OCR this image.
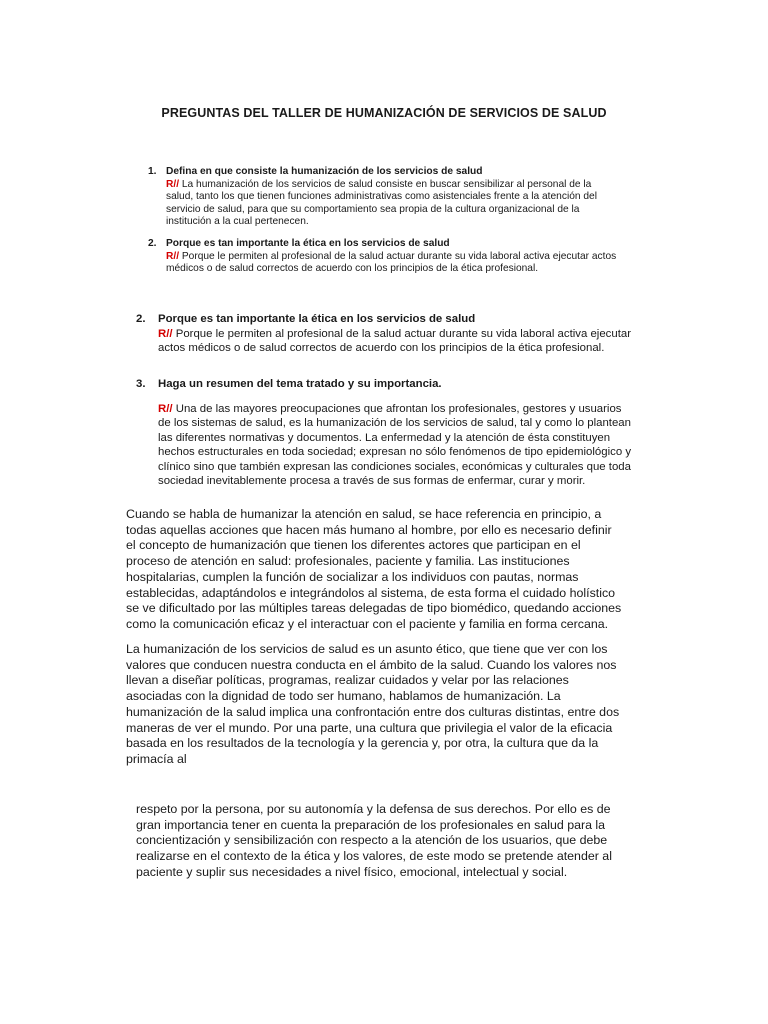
PREGUNTAS DEL TALLER DE HUMANIZACIÓN DE SERVICIOS DE SALUD
1. Defina en que consiste la humanización de los servicios de salud

R// La humanización de los servicios de salud consiste en buscar sensibilizar al personal de la salud, tanto los que tienen funciones administrativas como asistenciales frente a la atención del servicio de salud, para que su comportamiento sea propia de la cultura organizacional de la institución a la cual pertenecen.

2. Porque es tan importante la ética en los servicios de salud

R// Porque le permiten al profesional de la salud actuar durante su vida laboral activa ejecutar actos médicos o de salud correctos de acuerdo con los principios de la ética profesional.

2. Porque es tan importante la ética en los servicios de salud

R// Porque le permiten al profesional de la salud actuar durante su vida laboral activa ejecutar actos médicos o de salud correctos de acuerdo con los principios de la ética profesional.

3. Haga un resumen del tema tratado y su importancia.

R// Una de las mayores preocupaciones que afrontan los profesionales, gestores y usuarios de los sistemas de salud, es la humanización de los servicios de salud, tal y como lo plantean las diferentes normativas y documentos. La enfermedad y la atención de ésta constituyen hechos estructurales en toda sociedad; expresan no sólo fenómenos de tipo epidemiológico y clínico sino que también expresan las condiciones sociales, económicas y culturales que toda sociedad inevitablemente procesa a través de sus formas de enfermar, curar y morir.

Cuando se habla de humanizar la atención en salud, se hace referencia en principio, a todas aquellas acciones que hacen más humano al hombre, por ello es necesario definir el concepto de humanización que tienen los diferentes actores que participan en el proceso de atención en salud: profesionales, paciente y familia. Las instituciones hospitalarias, cumplen la función de socializar a los individuos con pautas, normas establecidas, adaptándolos e integrándolos al sistema, de esta forma el cuidado holístico se ve dificultado por las múltiples tareas delegadas de tipo biomédico, quedando acciones como la comunicación eficaz y el interactuar con el paciente y familia en forma cercana.

La humanización de los servicios de salud es un asunto ético, que tiene que ver con los valores que conducen nuestra conducta en el ámbito de la salud. Cuando los valores nos llevan a diseñar políticas, programas, realizar cuidados y velar por las relaciones asociadas con la dignidad de todo ser humano, hablamos de humanización. La humanización de la salud implica una confrontación entre dos culturas distintas, entre dos maneras de ver el mundo. Por una parte, una cultura que privilegia el valor de la eficacia basada en los resultados de la tecnología y la gerencia y, por otra, la cultura que da la primacía al

respeto por la persona, por su autonomía y la defensa de sus derechos. Por ello es de gran importancia tener en cuenta la preparación de los profesionales en salud para la concientización y sensibilización con respecto a la atención de los usuarios, que debe realizarse en el contexto de la ética y los valores, de este modo se pretende atender al paciente y suplir sus necesidades a nivel físico, emocional, intelectual y social.
